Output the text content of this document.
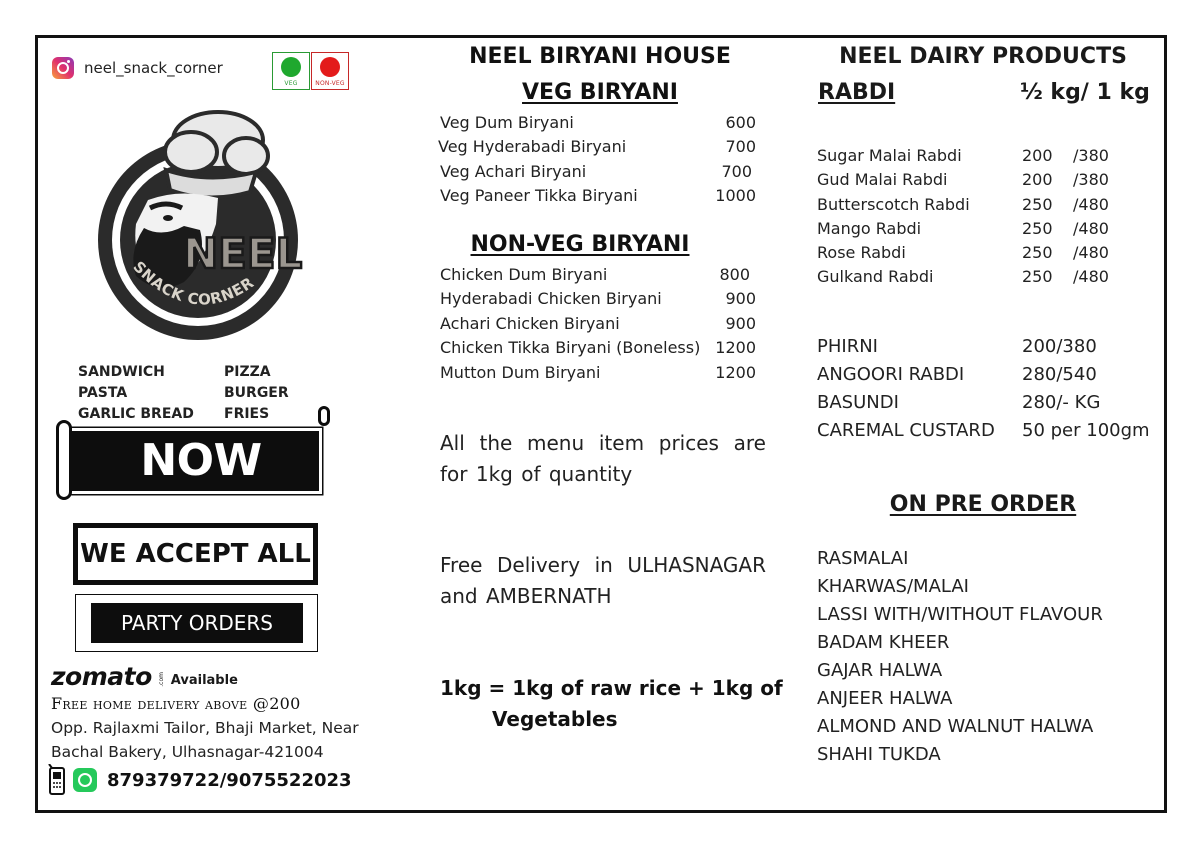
neel_snack_corner
VEG	NON-VEG
NEEL
SNACK CORNER
SANDWICH	PIZZA
PASTA	BURGER
GARLIC BREAD	FRIES
NOW OPEN
WE ACCEPT ALL
PARTY ORDERS
zomato .com Available
Free home delivery above @200
Opp. Rajlaxmi Tailor, Bhaji Market, Near
Bachal Bakery, Ulhasnagar-421004
879379722/9075522023
NEEL BIRYANI HOUSE
VEG BIRYANI
Veg Dum Biryani	600
Veg Hyderabadi Biryani	700
Veg Achari Biryani	700
Veg Paneer Tikka Biryani	1000
NON-VEG BIRYANI
Chicken Dum Biryani	800
Hyderabadi Chicken Biryani	900
Achari Chicken Biryani	900
Chicken Tikka Biryani (Boneless) 1200
Mutton Dum Biryani	1200
All the menu item prices are for 1kg of quantity
Free Delivery in ULHASNAGAR and AMBERNATH
1kg = 1kg of raw rice + 1kg of
Vegetables
NEEL DAIRY PRODUCTS
RABDI	½ kg/ 1 kg
Sugar Malai Rabdi	200 /380
Gud Malai Rabdi	200 /380
Butterscotch Rabdi	250 /480
Mango Rabdi	250 /480
Rose Rabdi	250 /480
Gulkand Rabdi	250 /480
PHIRNI	200/380
ANGOORI RABDI	280/540
BASUNDI	280/- KG
CAREMAL CUSTARD 50 per 100gm
ON PRE ORDER
RASMALAI
KHARWAS/MALAI
LASSI WITH/WITHOUT FLAVOUR
BADAM KHEER
GAJAR HALWA
ANJEER HALWA
ALMOND AND WALNUT HALWA
SHAHI TUKDA
